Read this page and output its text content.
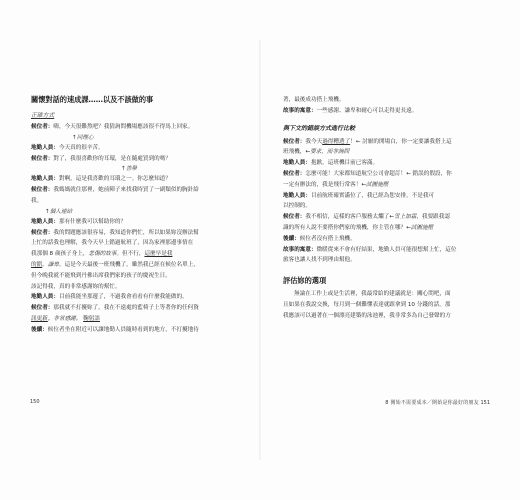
關懷對話的速成課……以及不該做的事
正確方式
候位者：嗨，今天很難熬吧？我猜詢問機場應該很不得馬上回家。
↑同理心
地勤人員：今天真的很辛苦。
候位者：對了，我很喜歡你的耳環，是在隨處買到的嗎？
↑善舉
地勤人員：對啊，這是我喜歡的耳環之一。你怎麼知道？
候位者：我媽媽就住那裡，她前陣子來找我時買了一副類似的胸針給
我。
↑個人連結
地勤人員：那有什麼我可以幫助你的？
候位者：我的問題應該很容易，我知道你們忙，所以如果妳沒辦法幫
上忙的話我也理解，我今天早上錯過航班了，因為家裡那邊事情在
我那個 8 歲孩子身上，悲傷的故事。但不行，這麼早是我
的錯。謙卑。這是今天最後一班飛機了，雖然我已經在候位名單上，
但今晚我就不能飛到丹佛出席我們家的孩子的慶祝生日。
該記得我，真的非常感謝妳的幫忙。
地勤人員：目前我能坐那邊了，不過我會看看有什麼我能做的。
候位者：那我就不打擾妳了，我在不遠處的藍椅子上等著你的任何資
訊更新。非常感謝。 鞠躬語
後續：候位者坐在附近可以讓地勤人員隨時看到的地方，不打擾地待
150
著，最後成功搭上飛機。
故事的寓意：一些感謝、謙卑和耐心可以走得更長遠。
與下文的錯誤方式進行比較
候位者：我今天過得糟透了！← 討厭的開場白，你一定要讓我搭上這
班飛機，←要求，而非詢問
地勤人員：抱歉，這班機目前已客滿。
候位者：怎麼可能！大家都知道航空公司會超訂！← 錯誤的假設，你
一定有辦法的，我是飛行常客！←試圖施壓
地勤人員：目前航班確實滿位了，我已經為您安排，不是我可
以控制的。
候位者：我不相信，這樣的客戶服務太爛了←雪上加霜，我要跟我認
識的所有人說不要搭你們家的飛機，你主管在哪？←試圖施壓
後續：候位者沒有搭上飛機。
故事的寓意：微暖從來不會有好結果，地勤人員可能很想幫上忙，這位
旅客也讓人找不到理由幫他。
評估妳的選項
無論在工作上或是生活裡，我最常給的建議就是：關心問吧，面
且如果在我說交換，每月到一個難懂表達就跟拿到 10 分錢的話，那
我應該可以過著在一個漂亮建築的泳池裡，我非常多為自己發聲的方
8 開始不需要成本／開始是你最好的朋友 151
